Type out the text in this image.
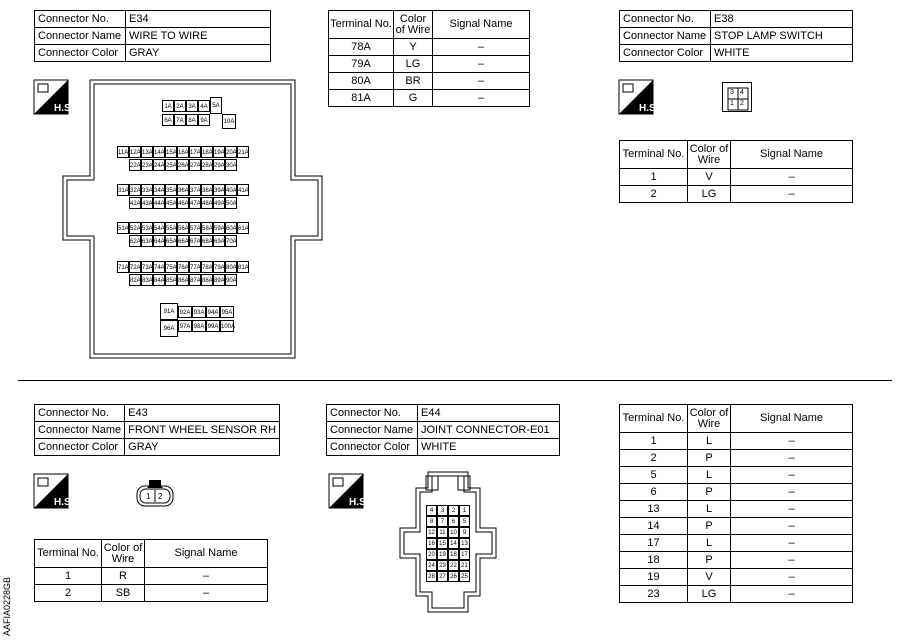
Connector No.	E34
Connector Name	WIRE TO WIRE
Connector Color	GRAY
H.S.	1A 2A 3A 4A
6A 7A 8A 9A
5A
10A
11A 12A 13A 14A 15A 16A 17A 18A 19A 20A 21A
22A 23A 24A 25A 26A 27A 28A 29A 30A
31A 32A 33A 34A 35A 36A 37A 38A 39A 40A 41A
42A 43A 44A 45A 46A 47A 48A 49A 50A
51A 52A 53A 54A 55A 56A 57A 58A 59A 60A 61A
62A 63A 64A 65A 66A 67A 68A 69A 70A
71A 72A 73A 74A 75A 76A 77A 78A 79A 80A 81A
82A 83A 84A 85A 86A 87A 88A 89A 90A
91A
96A
92A 93A 94A 95A
97A 98A 99A 100A
Terminal No.	Color of Wire	Signal Name
78A	Y	–
79A	LG	–
80A	BR	–
81A	G	–
Connector No.	E38
Connector Name	STOP LAMP SWITCH
Connector Color	WHITE
H.S.
3 4
1 2
Terminal No.	Color of Wire	Signal Name
1	V	–
2	LG	–
Connector No.	E43
Connector Name	FRONT WHEEL SENSOR RH
Connector Color	GRAY
H.S.
1 2
Terminal No.	Color of Wire	Signal Name
1	R	–
2	SB	–
Connector No.	E44
Connector Name	JOINT CONNECTOR-E01
Connector Color	WHITE
H.S.
4	3	2	1
8	7	6	5
12 11 10 9
16 15 14 13
20 19 18 17
24 23 22 21
28 27 26 25
Terminal No.	Color of Wire	Signal Name
1	L	–
2	P	–
5	L	–
6	P	–
13	L	–
14	P	–
17	L	–
18	P	–
19	V	–
23	LG	–
AAFIA0228GB
